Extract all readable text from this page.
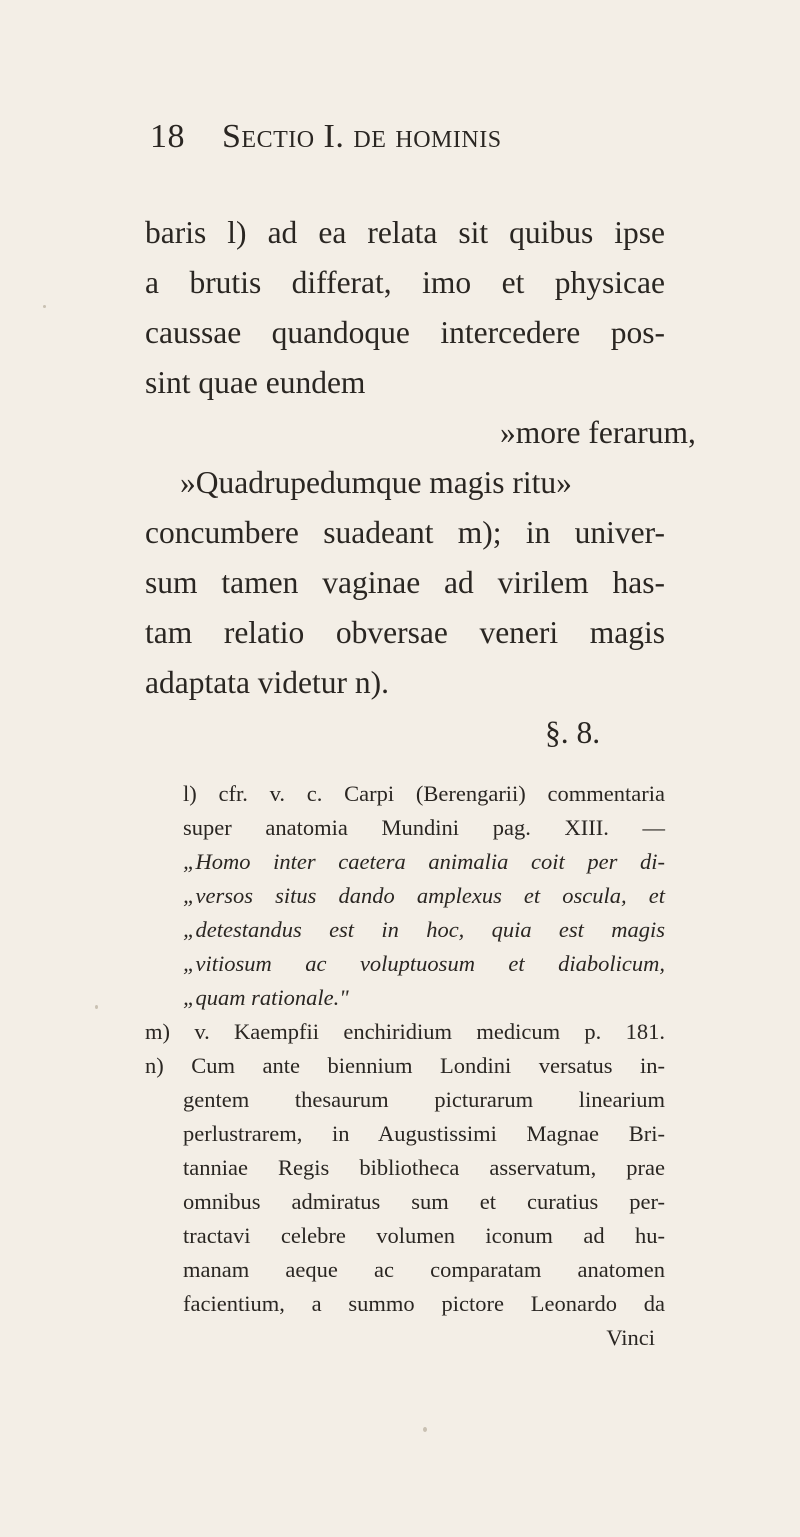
18 Sectio I. de hominis
baris l) ad ea relata sit quibus ipse
a brutis differat, imo et physicae
caussae quandoque intercedere pos-
sint quae eundem
»more ferarum,
»Quadrupedumque magis ritu»
concumbere suadeant m); in univer-
sum tamen vaginae ad virilem has-
tam relatio obversae veneri magis
adaptata videtur n).
§. 8.
l) cfr. v. c. Carpi (Berengarii) commentaria
super anatomia Mundini pag. XIII. —
„Homo inter caetera animalia coit per di-
„versos situs dando amplexus et oscula, et
„detestandus est in hoc, quia est magis
„vitiosum ac voluptuosum et diabolicum,
„quam rationale."
m) v. Kaempfii enchiridium medicum p. 181.
n) Cum ante biennium Londini versatus in-
gentem thesaurum picturarum linearium
perlustrarem, in Augustissimi Magnae Bri-
tanniae Regis bibliotheca asservatum, prae
omnibus admiratus sum et curatius per-
tractavi celebre volumen iconum ad hu-
manam aeque ac comparatam anatomen
facientium, a summo pictore Leonardo da
Vinci
